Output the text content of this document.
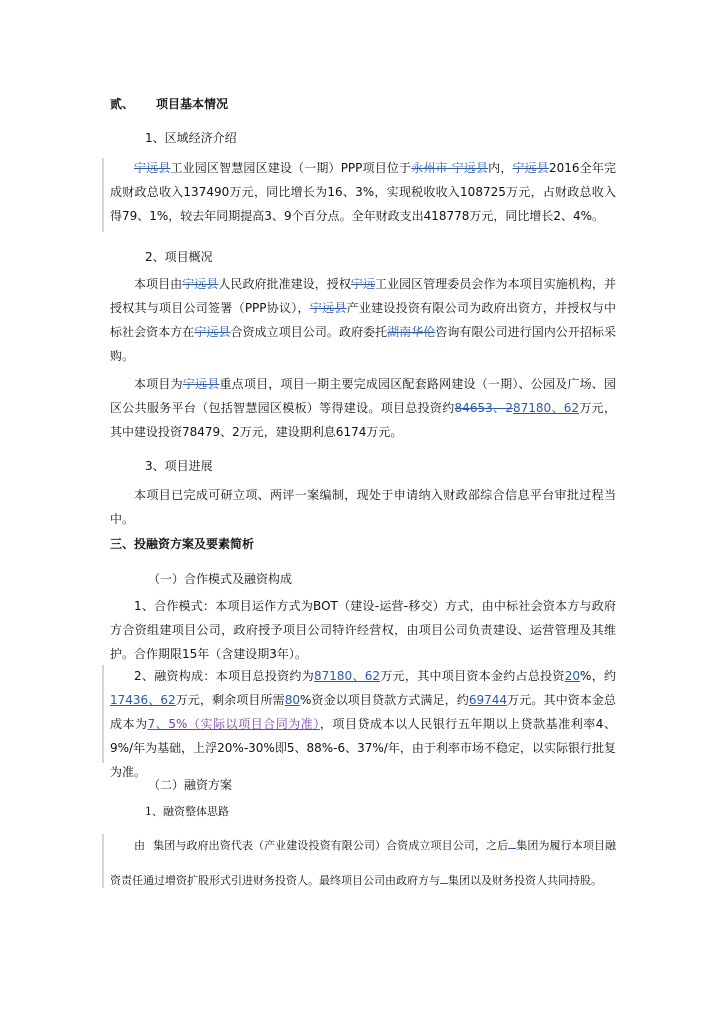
贰、 项目基本情况
1、区域经济介绍
宁远县工业园区智慧园区建设（一期）PPP项目位于永州市 宁远县内，宁远县2016全年完成财政总收入137490万元，同比增长为16、3%，实现税收收入108725万元，占财政总收入得79、1%，较去年同期提高3、9个百分点。全年财政支出418778万元，同比增长2、4%。
2、项目概况
本项目由宁远县人民政府批准建设，授权宁远工业园区管理委员会作为本项目实施机构，并授权其与项目公司签署（PPP协议），宁远县产业建设投资有限公司为政府出资方，并授权与中标社会资本方在宁远县合资成立项目公司。政府委托湖南华伦咨询有限公司进行国内公开招标采购。
本项目为宁远县重点项目，项目一期主要完成园区配套路网建设（一期）、公园及广场、园区公共服务平台（包括智慧园区模板）等得建设。项目总投资约84653、287180、62万元，其中建设投资78479、2万元，建设期利息6174万元。
3、项目进展
本项目已完成可研立项、两评一案编制，现处于申请纳入财政部综合信息平台审批过程当中。
三、投融资方案及要素简析
（一）合作模式及融资构成
1、合作模式：本项目运作方式为BOT（建设-运营-移交）方式，由中标社会资本方与政府方合资组建项目公司，政府授予项目公司特许经营权，由项目公司负责建设、运营管理及其维护。合作期限15年（含建设期3年）。
2、融资构成：本项目总投资约为87180、62万元，其中项目资本金约占总投资20%，约17436、62万元，剩余项目所需80%资金以项目贷款方式满足，约69744万元。其中资本金总成本为7、5%（实际以项目合同为准），项目贷成本以人民银行五年期以上贷款基准利率4、9%/年为基础，上浮20%-30%即5、88%-6、37%/年，由于利率市场不稳定，以实际银行批复为准。
（二）融资方案
1、融资整体思路
由 集团与政府出资代表（产业建设投资有限公司）合资成立项目公司，之后 集团为履行本项目融资责任通过增资扩股形式引进财务投资人。最终项目公司由政府方与 集团以及财务投资人共同持股。
